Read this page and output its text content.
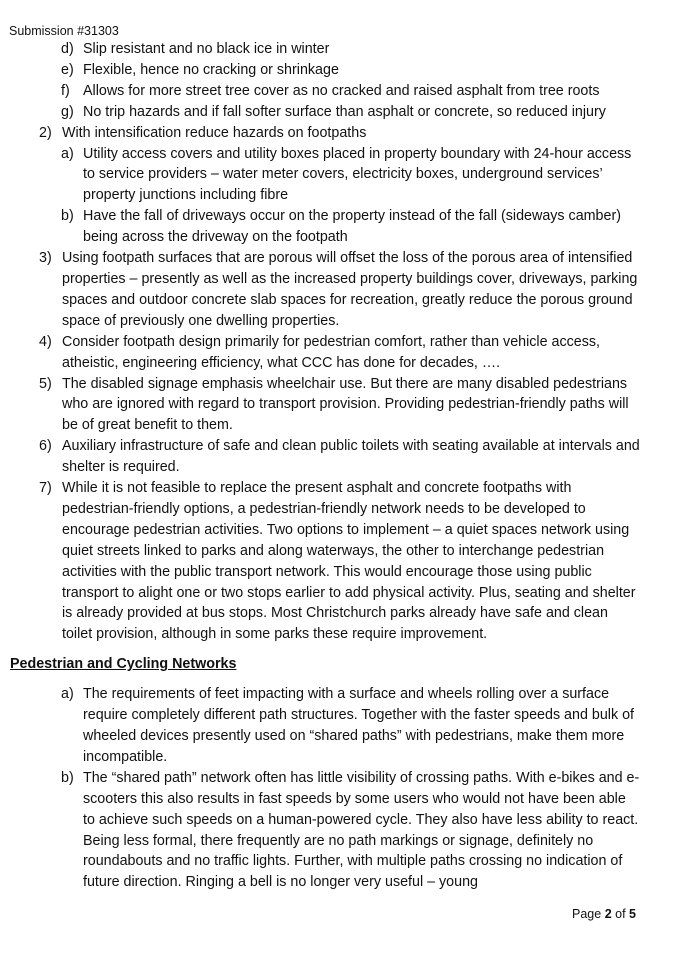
Submission #31303
d) Slip resistant and no black ice in winter
e) Flexible, hence no cracking or shrinkage
f) Allows for more street tree cover as no cracked and raised asphalt from tree roots
g) No trip hazards and if fall softer surface than asphalt or concrete, so reduced injury
2) With intensification reduce hazards on footpaths
a) Utility access covers and utility boxes placed in property boundary with 24-hour access to service providers – water meter covers, electricity boxes, underground services’ property junctions including fibre
b) Have the fall of driveways occur on the property instead of the fall (sideways camber) being across the driveway on the footpath
3) Using footpath surfaces that are porous will offset the loss of the porous area of intensified properties – presently as well as the increased property buildings cover, driveways, parking spaces and outdoor concrete slab spaces for recreation, greatly reduce the porous ground space of previously one dwelling properties.
4) Consider footpath design primarily for pedestrian comfort, rather than vehicle access, atheistic, engineering efficiency, what CCC has done for decades, ….
5) The disabled signage emphasis wheelchair use. But there are many disabled pedestrians who are ignored with regard to transport provision. Providing pedestrian-friendly paths will be of great benefit to them.
6) Auxiliary infrastructure of safe and clean public toilets with seating available at intervals and shelter is required.
7) While it is not feasible to replace the present asphalt and concrete footpaths with pedestrian-friendly options, a pedestrian-friendly network needs to be developed to encourage pedestrian activities. Two options to implement – a quiet spaces network using quiet streets linked to parks and along waterways, the other to interchange pedestrian activities with the public transport network. This would encourage those using public transport to alight one or two stops earlier to add physical activity. Plus, seating and shelter is already provided at bus stops. Most Christchurch parks already have safe and clean toilet provision, although in some parks these require improvement.
Pedestrian and Cycling Networks
a) The requirements of feet impacting with a surface and wheels rolling over a surface require completely different path structures. Together with the faster speeds and bulk of wheeled devices presently used on “shared paths” with pedestrians, make them more incompatible.
b) The “shared path” network often has little visibility of crossing paths. With e-bikes and e-scooters this also results in fast speeds by some users who would not have been able to achieve such speeds on a human-powered cycle. They also have less ability to react. Being less formal, there frequently are no path markings or signage, definitely no roundabouts and no traffic lights. Further, with multiple paths crossing no indication of future direction. Ringing a bell is no longer very useful – young
Page 2 of 5
